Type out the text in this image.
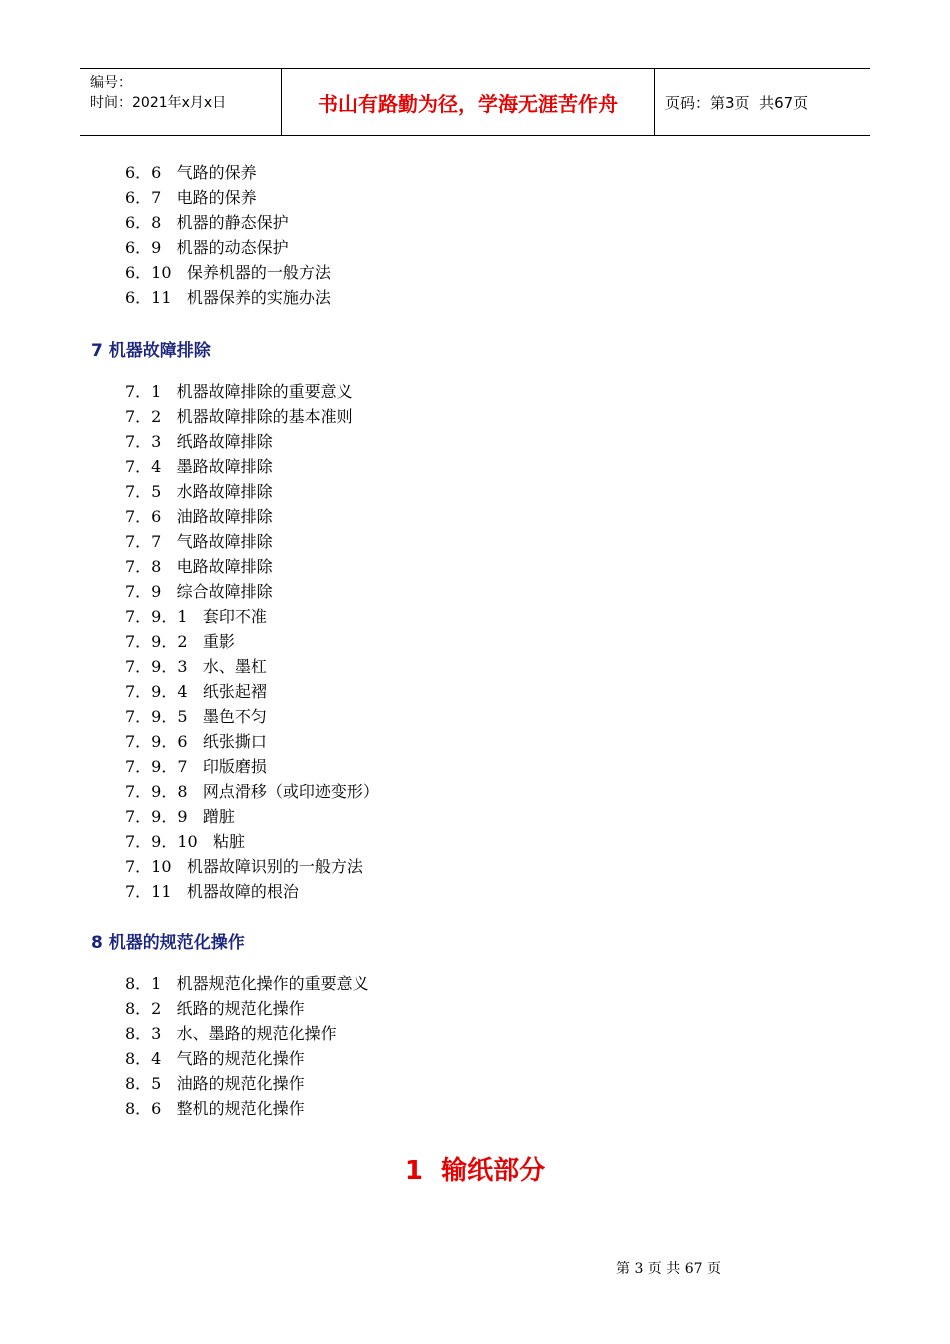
编号：
时间：2021年x月x日	书山有路勤为径，学海无涯苦作舟	页码：第3页  共67页
6．6 气路的保养
6．7 电路的保养
6．8 机器的静态保护
6．9 机器的动态保护
6．10 保养机器的一般方法
6．11 机器保养的实施办法
7 机器故障排除
7．1 机器故障排除的重要意义
7．2 机器故障排除的基本准则
7．3 纸路故障排除
7．4 墨路故障排除
7．5 水路故障排除
7．6 油路故障排除
7．7 气路故障排除
7．8 电路故障排除
7．9 综合故障排除
7．9．1 套印不准
7．9．2 重影
7．9．3 水、墨杠
7．9．4 纸张起褶
7．9．5 墨色不匀
7．9．6 纸张撕口
7．9．7 印版磨损
7．9．8 网点滑移（或印迹变形）
7．9．9 蹭脏
7．9．10 粘脏
7．10 机器故障识别的一般方法
7．11 机器故障的根治
8 机器的规范化操作
8．1 机器规范化操作的重要意义
8．2 纸路的规范化操作
8．3 水、墨路的规范化操作
8．4 气路的规范化操作
8．5 油路的规范化操作
8．6 整机的规范化操作
1  输纸部分
第 3 页 共 67 页
